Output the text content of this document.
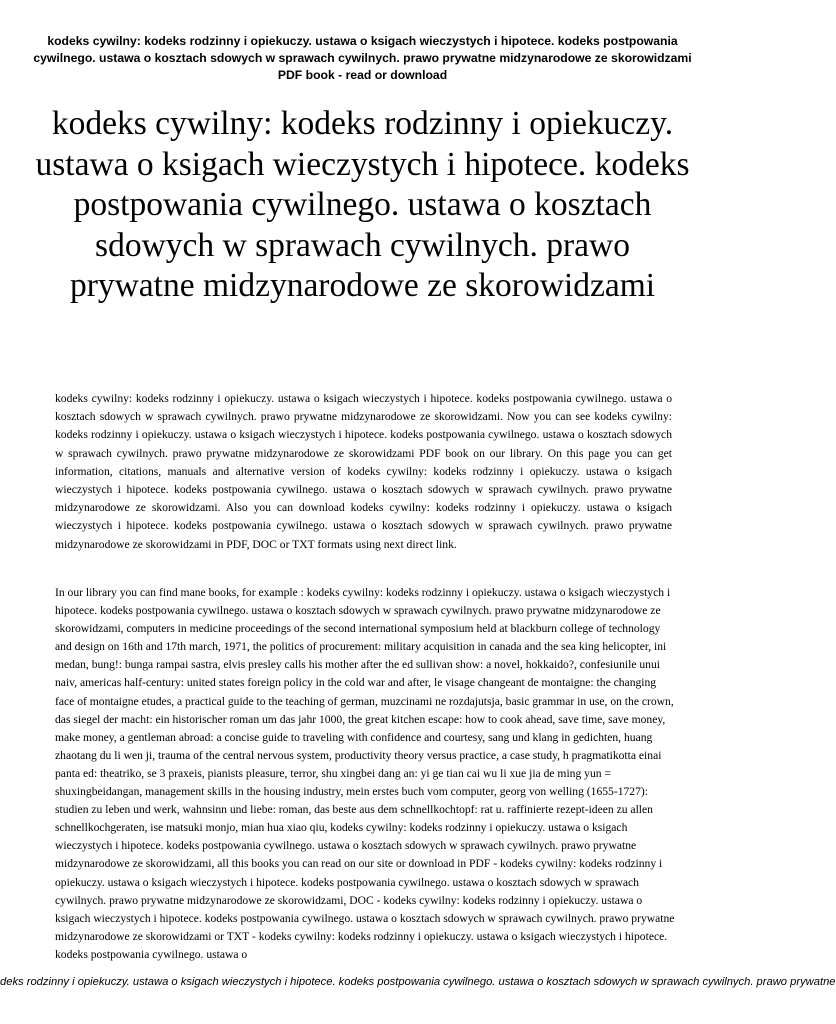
kodeks cywilny: kodeks rodzinny i opiekuczy. ustawa o ksigach wieczystych i hipotece. kodeks postpowania cywilnego. ustawa o kosztach sdowych w sprawach cywilnych. prawo prywatne midzynarodowe ze skorowidzami PDF book - read or download
kodeks cywilny: kodeks rodzinny i opiekuczy. ustawa o ksigach wieczystych i hipotece. kodeks postpowania cywilnego. ustawa o kosztach sdowych w sprawach cywilnych. prawo prywatne midzynarodowe ze skorowidzami
kodeks cywilny: kodeks rodzinny i opiekuczy. ustawa o ksigach wieczystych i hipotece. kodeks postpowania cywilnego. ustawa o kosztach sdowych w sprawach cywilnych. prawo prywatne midzynarodowe ze skorowidzami. Now you can see kodeks cywilny: kodeks rodzinny i opiekuczy. ustawa o ksigach wieczystych i hipotece. kodeks postpowania cywilnego. ustawa o kosztach sdowych w sprawach cywilnych. prawo prywatne midzynarodowe ze skorowidzami PDF book on our library. On this page you can get information, citations, manuals and alternative version of kodeks cywilny: kodeks rodzinny i opiekuczy. ustawa o ksigach wieczystych i hipotece. kodeks postpowania cywilnego. ustawa o kosztach sdowych w sprawach cywilnych. prawo prywatne midzynarodowe ze skorowidzami. Also you can download kodeks cywilny: kodeks rodzinny i opiekuczy. ustawa o ksigach wieczystych i hipotece. kodeks postpowania cywilnego. ustawa o kosztach sdowych w sprawach cywilnych. prawo prywatne midzynarodowe ze skorowidzami in PDF, DOC or TXT formats using next direct link.
In our library you can find mane books, for example : kodeks cywilny: kodeks rodzinny i opiekuczy. ustawa o ksigach wieczystych i hipotece. kodeks postpowania cywilnego. ustawa o kosztach sdowych w sprawach cywilnych. prawo prywatne midzynarodowe ze skorowidzami, computers in medicine proceedings of the second international symposium held at blackburn college of technology and design on 16th and 17th march, 1971, the politics of procurement: military acquisition in canada and the sea king helicopter, ini medan, bung!: bunga rampai sastra, elvis presley calls his mother after the ed sullivan show: a novel, hokkaido?, confesiunile unui naiv, americas half-century: united states foreign policy in the cold war and after, le visage changeant de montaigne: the changing face of montaigne etudes, a practical guide to the teaching of german, muzcinami ne rozdajutsja, basic grammar in use, on the crown, das siegel der macht: ein historischer roman um das jahr 1000, the great kitchen escape: how to cook ahead, save time, save money, make money, a gentleman abroad: a concise guide to traveling with confidence and courtesy, sang und klang in gedichten, huang zhaotang du li wen ji, trauma of the central nervous system, productivity theory versus practice, a case study, h pragmatikotta einai panta ed: theatriko, se 3 praxeis, pianists pleasure, terror, shu xingbei dang an: yi ge tian cai wu li xue jia de ming yun = shuxingbeidangan, management skills in the housing industry, mein erstes buch vom computer, georg von welling (1655-1727): studien zu leben und werk, wahnsinn und liebe: roman, das beste aus dem schnellkochtopf: rat u. raffinierte rezept-ideen zu allen schnellkochgeraten, ise matsuki monjo, mian hua xiao qiu, kodeks cywilny: kodeks rodzinny i opiekuczy. ustawa o ksigach wieczystych i hipotece. kodeks postpowania cywilnego. ustawa o kosztach sdowych w sprawach cywilnych. prawo prywatne midzynarodowe ze skorowidzami, all this books you can read on our site or download in PDF - kodeks cywilny: kodeks rodzinny i opiekuczy. ustawa o ksigach wieczystych i hipotece. kodeks postpowania cywilnego. ustawa o kosztach sdowych w sprawach cywilnych. prawo prywatne midzynarodowe ze skorowidzami, DOC - kodeks cywilny: kodeks rodzinny i opiekuczy. ustawa o ksigach wieczystych i hipotece. kodeks postpowania cywilnego. ustawa o kosztach sdowych w sprawach cywilnych. prawo prywatne midzynarodowe ze skorowidzami or TXT - kodeks cywilny: kodeks rodzinny i opiekuczy. ustawa o ksigach wieczystych i hipotece. kodeks postpowania cywilnego. ustawa o
deks rodzinny i opiekuczy. ustawa o ksigach wieczystych i hipotece. kodeks postpowania cywilnego. ustawa o kosztach sdowych w sprawach cywilnych. prawo prywatne
